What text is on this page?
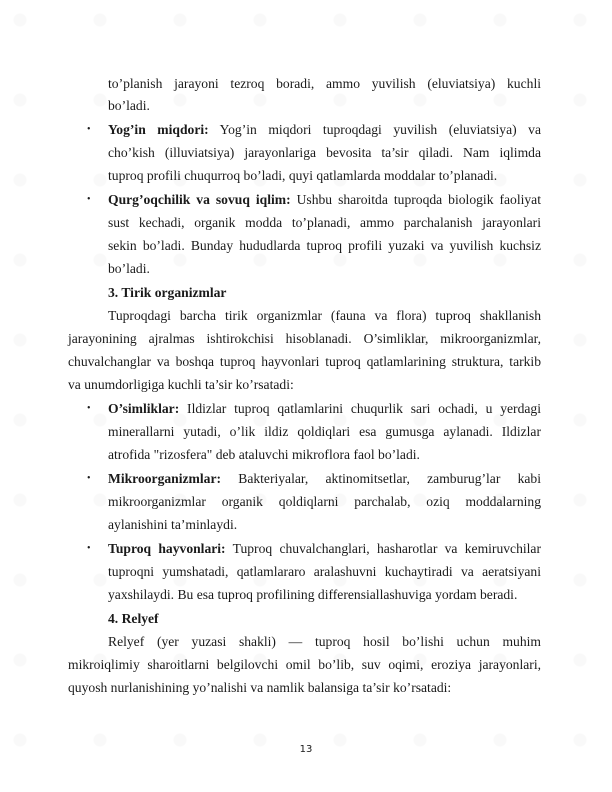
to’planish jarayoni tezroq boradi, ammo yuvilish (eluviatsiya) kuchli
bo’ladi.
Yog’in miqdori: Yog’in miqdori tuproqdagi yuvilish (eluviatsiya) va
•
cho’kish (illuviatsiya) jarayonlariga bevosita ta’sir qiladi. Nam iqlimda
tuproq profili chuqurroq bo’ladi, quyi qatlamlarda moddalar to’planadi.
Qurg’oqchilik va sovuq iqlim: Ushbu sharoitda tuproqda biologik faoliyat
•
sust kechadi, organik modda to’planadi, ammo parchalanish jarayonlari
sekin bo’ladi. Bunday hududlarda tuproq profili yuzaki va yuvilish kuchsiz
bo’ladi.
3. Tirik organizmlar
Tuproqdagi barcha tirik organizmlar (fauna va flora) tuproq shakllanish
jarayonining ajralmas ishtirokchisi hisoblanadi. O’simliklar, mikroorganizmlar,
chuvalchanglar va boshqa tuproq hayvonlari tuproq qatlamlarining struktura, tarkib
va unumdorligiga kuchli ta’sir ko’rsatadi:
O’simliklar: Ildizlar tuproq qatlamlarini chuqurlik sari ochadi, u yerdagi
•
minerallarni yutadi, o’lik ildiz qoldiqlari esa gumusga aylanadi. Ildizlar
atrofida "rizosfera" deb ataluvchi mikroflora faol bo’ladi.
Mikroorganizmlar: Bakteriyalar, aktinomitsetlar, zamburug’lar kabi
•
mikroorganizmlar organik qoldiqlarni parchalab, oziq moddalarning
aylanishini ta’minlaydi.
Tuproq hayvonlari: Tuproq chuvalchanglari, hasharotlar va kemiruvchilar
•
tuproqni yumshatadi, qatlamlararo aralashuvni kuchaytiradi va aeratsiyani
yaxshilaydi. Bu esa tuproq profilining differensiallashuviga yordam beradi.
4. Relyef
Relyef (yer yuzasi shakli) — tuproq hosil bo’lishi uchun muhim
mikroiqlimiy sharoitlarni belgilovchi omil bo’lib, suv oqimi, eroziya jarayonlari,
quyosh nurlanishining yo’nalishi va namlik balansiga ta’sir ko’rsatadi:
13
